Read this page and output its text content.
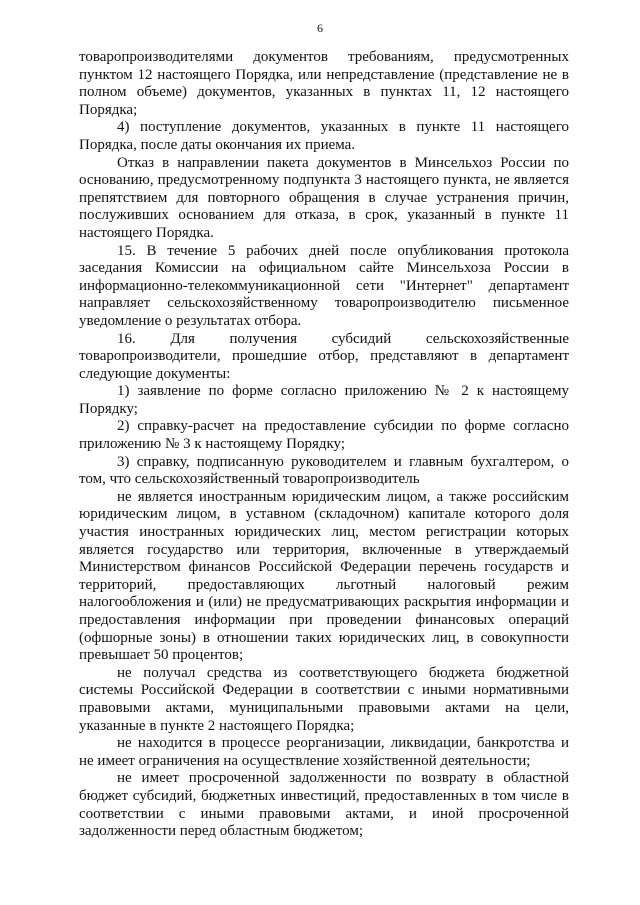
6

товаропроизводителями документов требованиям, предусмотренных пунктом 12 настоящего Порядка, или непредставление (представление не в полном объеме) документов, указанных в пунктах 11, 12 настоящего Порядка;

4) поступление документов, указанных в пункте 11 настоящего Порядка, после даты окончания их приема.

Отказ в направлении пакета документов в Минсельхоз России по основанию, предусмотренному подпункта 3 настоящего пункта, не является препятствием для повторного обращения в случае устранения причин, послуживших основанием для отказа, в срок, указанный в пункте 11 настоящего Порядка.

15. В течение 5 рабочих дней после опубликования протокола заседания Комиссии на официальном сайте Минсельхоза России в информационно-телекоммуникационной сети "Интернет" департамент направляет сельскохозяйственному товаропроизводителю письменное уведомление о результатах отбора.

16. Для получения субсидий сельскохозяйственные товаропроизводители, прошедшие отбор, представляют в департамент следующие документы:

1) заявление по форме согласно приложению № 2 к настоящему Порядку;

2) справку-расчет на предоставление субсидии по форме согласно приложению № 3 к настоящему Порядку;

3) справку, подписанную руководителем и главным бухгалтером, о том, что сельскохозяйственный товаропроизводитель

не является иностранным юридическим лицом, а также российским юридическим лицом, в уставном (складочном) капитале которого доля участия иностранных юридических лиц, местом регистрации которых является государство или территория, включенные в утверждаемый Министерством финансов Российской Федерации перечень государств и территорий, предоставляющих льготный налоговый режим налогообложения и (или) не предусматривающих раскрытия информации и предоставления информации при проведении финансовых операций (офшорные зоны) в отношении таких юридических лиц, в совокупности превышает 50 процентов;

не получал средства из соответствующего бюджета бюджетной системы Российской Федерации в соответствии с иными нормативными правовыми актами, муниципальными правовыми актами на цели, указанные в пункте 2 настоящего Порядка;

не находится в процессе реорганизации, ликвидации, банкротства и не имеет ограничения на осуществление хозяйственной деятельности;

не имеет просроченной задолженности по возврату в областной бюджет субсидий, бюджетных инвестиций, предоставленных в том числе в соответствии с иными правовыми актами, и иной просроченной задолженности перед областным бюджетом;
